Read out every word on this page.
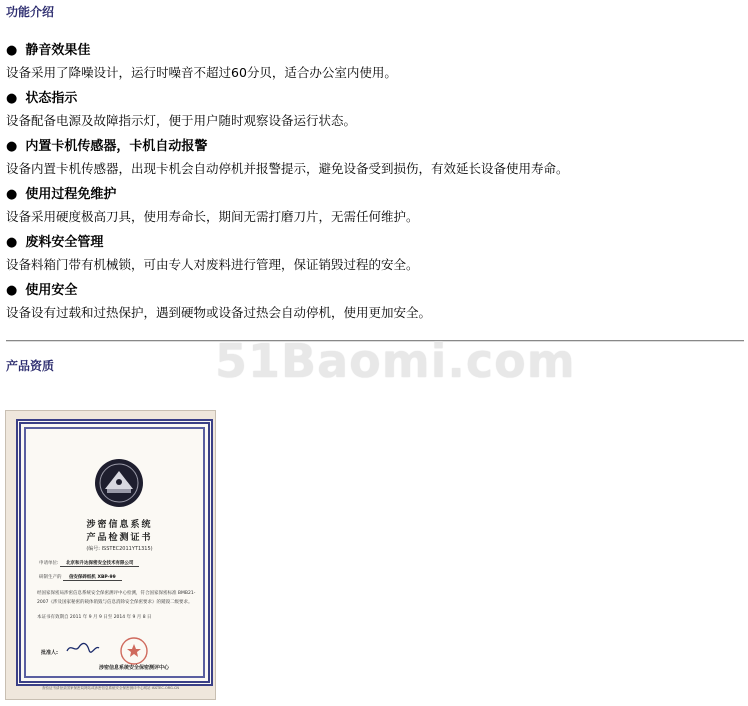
功能介绍
● 静音效果佳
设备采用了降噪设计，运行时噪音不超过60分贝，适合办公室内使用。
● 状态指示
设备配备电源及故障指示灯，便于用户随时观察设备运行状态。
● 内置卡机传感器，卡机自动报警
设备内置卡机传感器，出现卡机会自动停机并报警提示，避免设备受到损伤，有效延长设备使用寿命。
● 使用过程免维护
设备采用硬度极高刀具，使用寿命长，期间无需打磨刀片，无需任何维护。
● 废料安全管理
设备料箱门带有机械锁，可由专人对废料进行管理，保证销毁过程的安全。
● 使用安全
设备设有过载和过热保护，遇到硬物或设备过热会自动停机，使用更加安全。
51Baomi.com
产品资质
涉密信息系统
产品检测证书
(编号: ISSTEC2011YT1315)
申请单位: 北京和升达保密安全技术有限公司
研制生产的 信安保碎纸机 XBP-99
经国家保密局涉密信息系统安全保密测评中心检测，符合国家保密标准 BMB21-2007《涉及国家秘密的载体销毁与信息消除安全保密要求》的銷毁二级要求。
本证书有效期自 2011 年 9 月 9 日至 2014 年 9 月 8 日
批准人:
涉密信息系统安全保密测评中心
查验证书请登录国家保密局网站或涉密信息系统安全保密测评中心网站 ISSTEC.ORG.CN
